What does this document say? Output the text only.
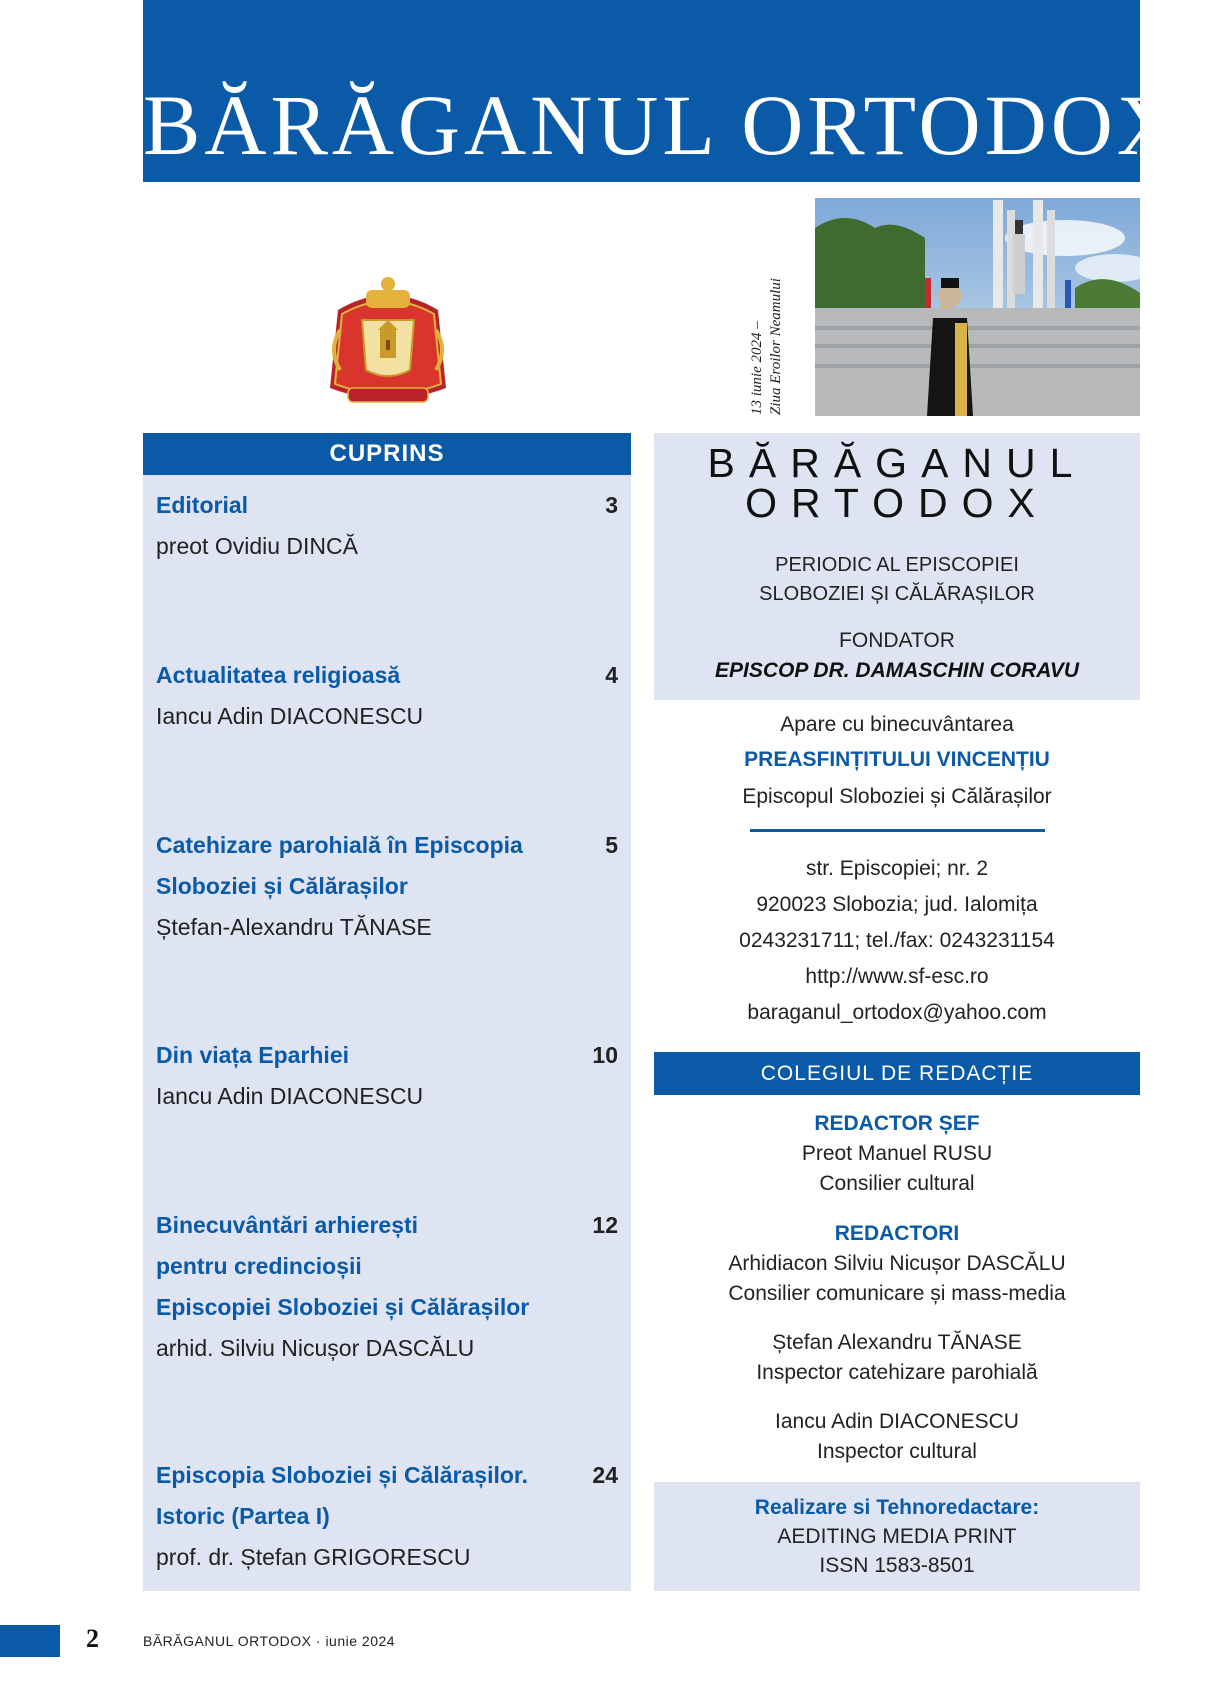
BĂRĂGANUL ORTODOX
13 iunie 2024 – Ziua Eroilor Neamului
CUPRINS
Editorial
preot Ovidiu DINCĂ
3
Actualitatea religioasă
Iancu Adin DIACONESCU
4
Catehizare parohială în Episcopia
Sloboziei și Călărașilor
Ștefan-Alexandru TĂNASE
5
Din viața Eparhiei
Iancu Adin DIACONESCU
10
Binecuvântări arhierești
pentru credincioșii
Episcopiei Sloboziei și Călărașilor
arhid. Silviu Nicușor DASCĂLU
12
Episcopia Sloboziei și Călărașilor.
Istoric (Partea I)
prof. dr. Ștefan GRIGORESCU
24
BĂRĂGANUL
ORTODOX
PERIODIC AL EPISCOPIEI
SLOBOZIEI ȘI CĂLĂRAȘILOR
FONDATOR
EPISCOP DR. DAMASCHIN CORAVU
Apare cu binecuvântarea
PREASFINȚITULUI VINCENȚIU
Episcopul Sloboziei și Călărașilor
str. Episcopiei; nr. 2
920023 Slobozia; jud. Ialomița
0243231711; tel./fax: 0243231154
http://www.sf-esc.ro
baraganul_ortodox@yahoo.com
COLEGIUL DE REDACȚIE
REDACTOR ȘEF
Preot Manuel RUSU
Consilier cultural
REDACTORI
Arhidiacon Silviu Nicușor DASCĂLU
Consilier comunicare și mass-media
Ștefan Alexandru TĂNASE
Inspector catehizare parohială
Iancu Adin DIACONESCU
Inspector cultural
Realizare si Tehnoredactare:
AEDITING MEDIA PRINT
ISSN 1583-8501
2	BĂRĂGANUL ORTODOX · iunie 2024
